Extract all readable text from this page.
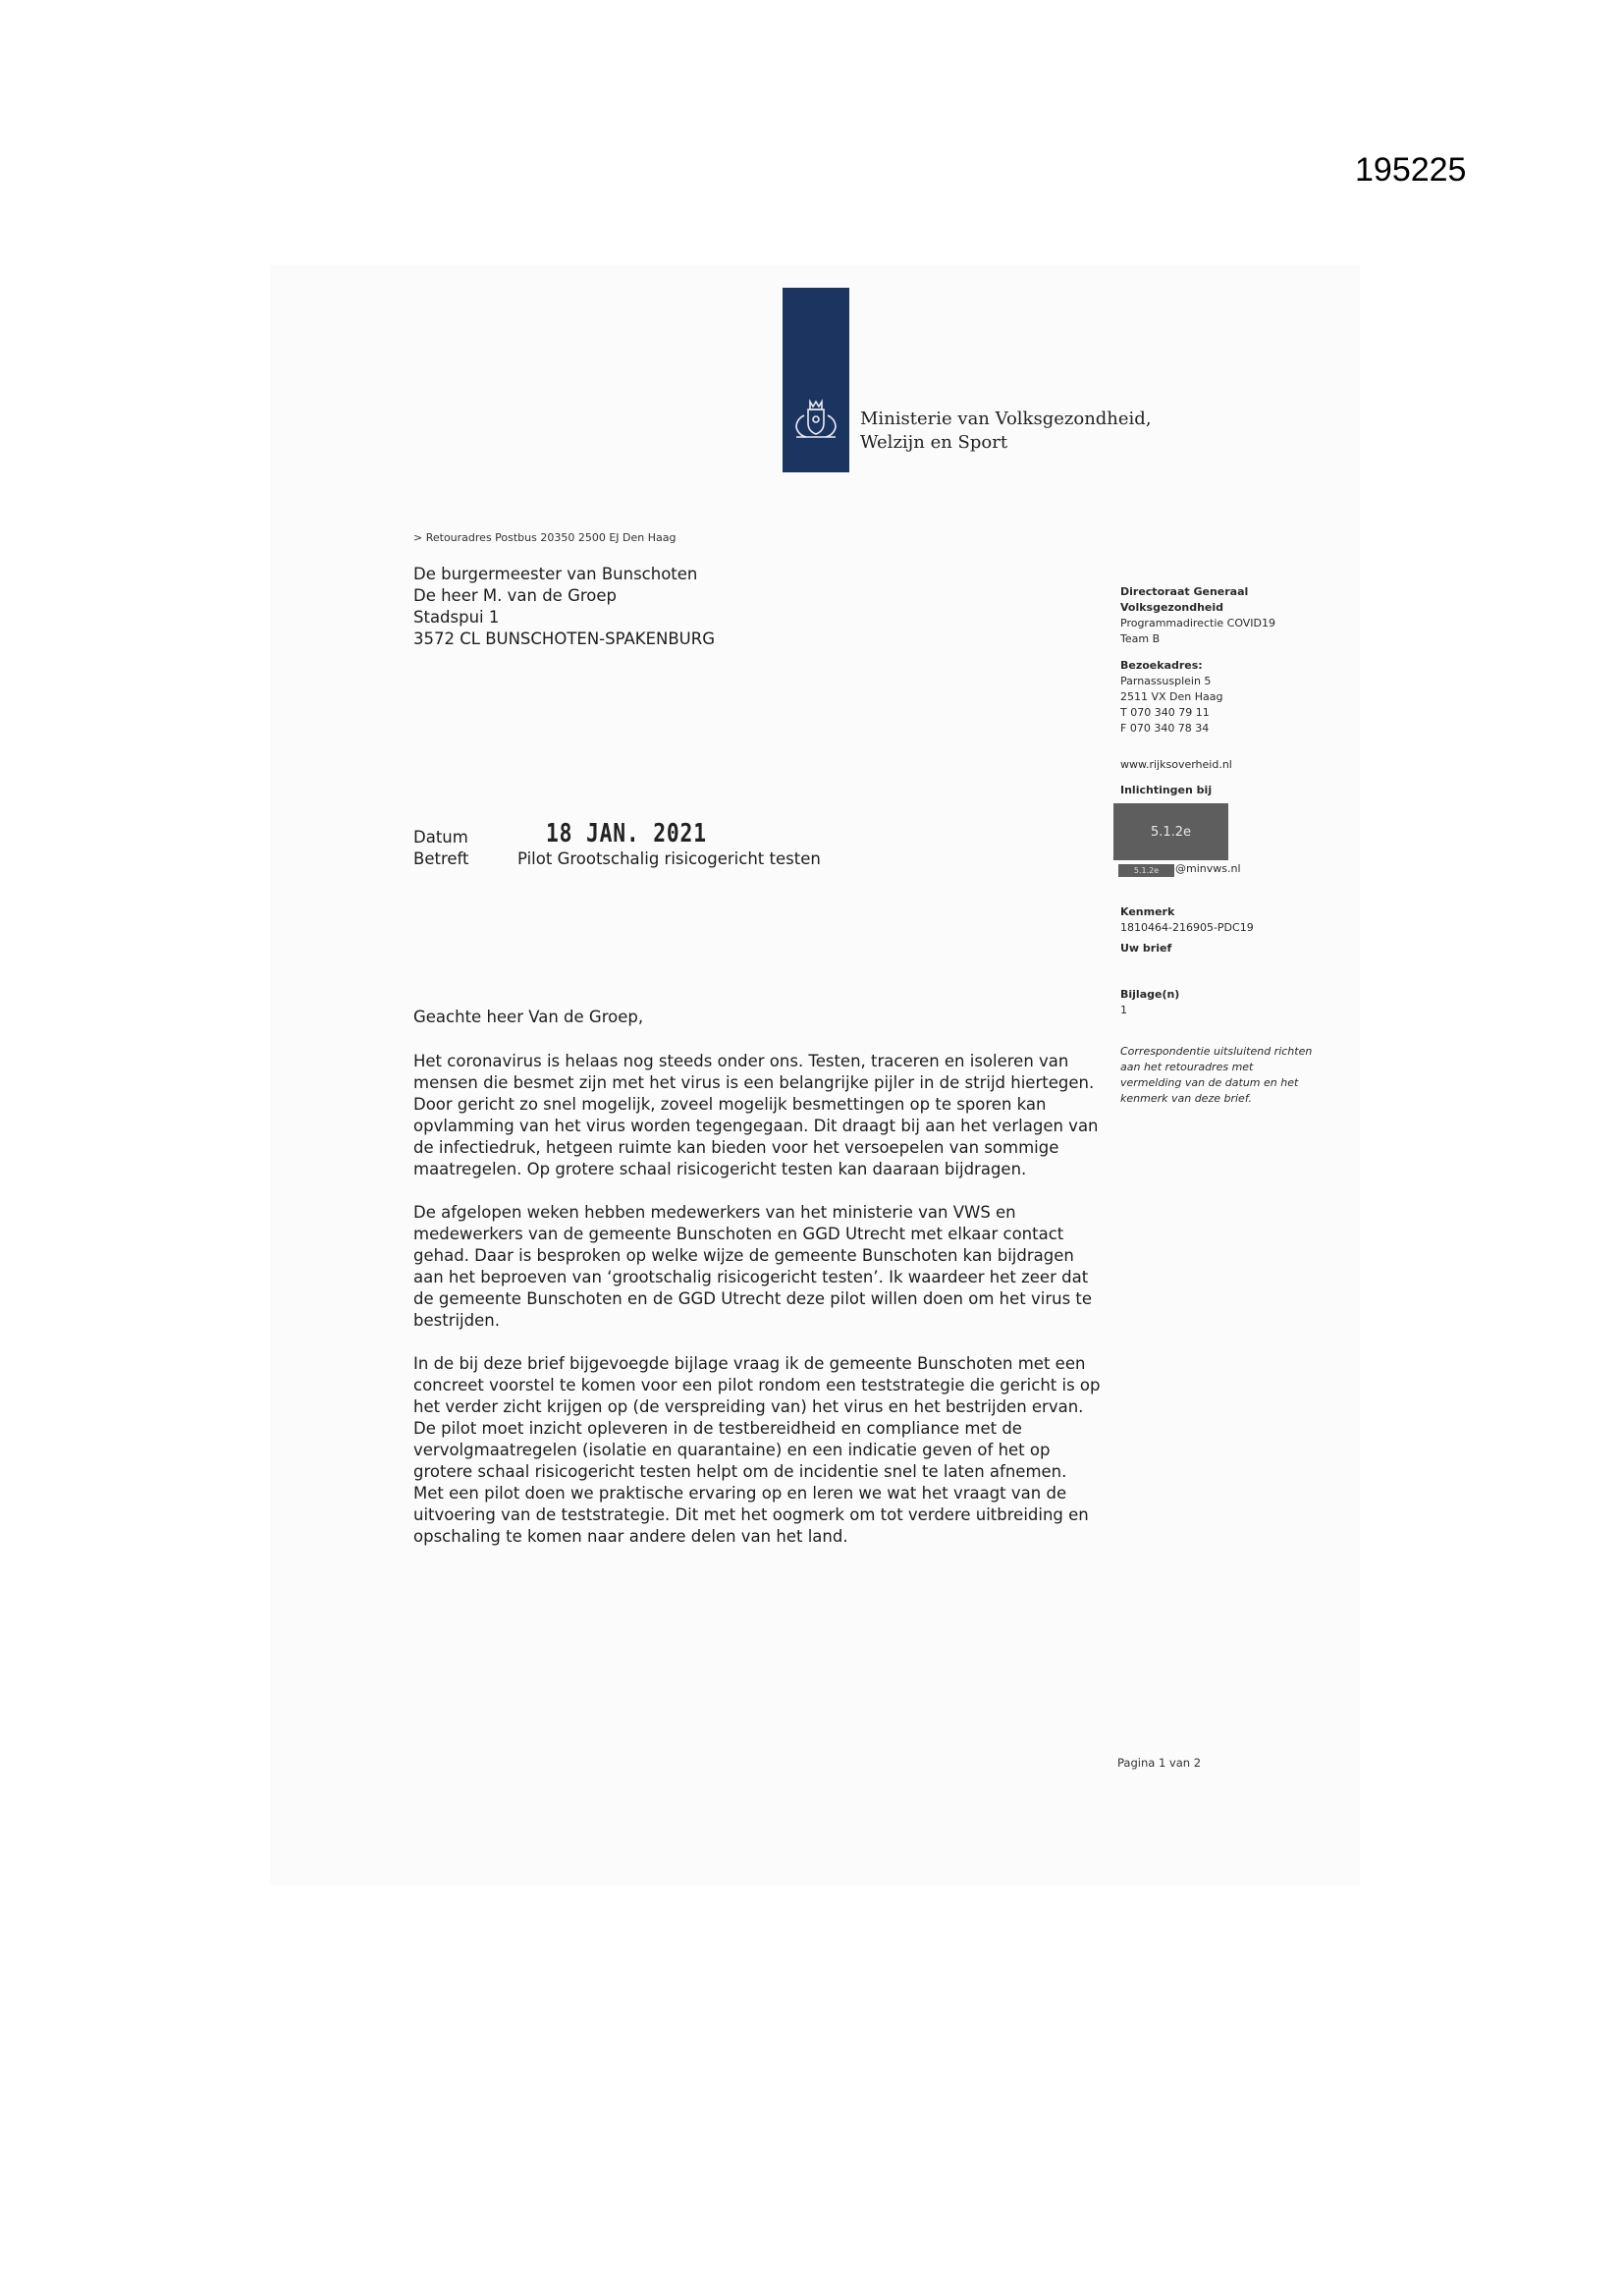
195225
Ministerie van Volksgezondheid,
Welzijn en Sport
> Retouradres Postbus 20350 2500 EJ Den Haag
De burgermeester van Bunschoten
De heer M. van de Groep
Stadspui 1
3572 CL BUNSCHOTEN-SPAKENBURG
Directoraat Generaal
Volksgezondheid
Programmadirectie COVID19
Team B
Bezoekadres:
Parnassusplein 5
2511 VX Den Haag
T 070 340 79 11
F 070 340 78 34
www.rijksoverheid.nl
Inlichtingen bij
5.1.2e
5.1.2e	@minvws.nl
Kenmerk
1810464-216905-PDC19
Uw brief
Bijlage(n)
1
Correspondentie uitsluitend richten aan het retouradres met vermelding van de datum en het kenmerk van deze brief.
Datum	18 JAN. 2021
Betreft	Pilot Grootschalig risicogericht testen
Geachte heer Van de Groep,

Het coronavirus is helaas nog steeds onder ons. Testen, traceren en isoleren van mensen die besmet zijn met het virus is een belangrijke pijler in de strijd hiertegen. Door gericht zo snel mogelijk, zoveel mogelijk besmettingen op te sporen kan opvlamming van het virus worden tegengegaan. Dit draagt bij aan het verlagen van de infectiedruk, hetgeen ruimte kan bieden voor het versoepelen van sommige maatregelen. Op grotere schaal risicogericht testen kan daaraan bijdragen.

De afgelopen weken hebben medewerkers van het ministerie van VWS en medewerkers van de gemeente Bunschoten en GGD Utrecht met elkaar contact gehad. Daar is besproken op welke wijze de gemeente Bunschoten kan bijdragen aan het beproeven van ‘grootschalig risicogericht testen’. Ik waardeer het zeer dat de gemeente Bunschoten en de GGD Utrecht deze pilot willen doen om het virus te bestrijden.

In de bij deze brief bijgevoegde bijlage vraag ik de gemeente Bunschoten met een concreet voorstel te komen voor een pilot rondom een teststrategie die gericht is op het verder zicht krijgen op (de verspreiding van) het virus en het bestrijden ervan. De pilot moet inzicht opleveren in de testbereidheid en compliance met de vervolgmaatregelen (isolatie en quarantaine) en een indicatie geven of het op grotere schaal risicogericht testen helpt om de incidentie snel te laten afnemen. Met een pilot doen we praktische ervaring op en leren we wat het vraagt van de uitvoering van de teststrategie. Dit met het oogmerk om tot verdere uitbreiding en opschaling te komen naar andere delen van het land.

Pagina 1 van 2
